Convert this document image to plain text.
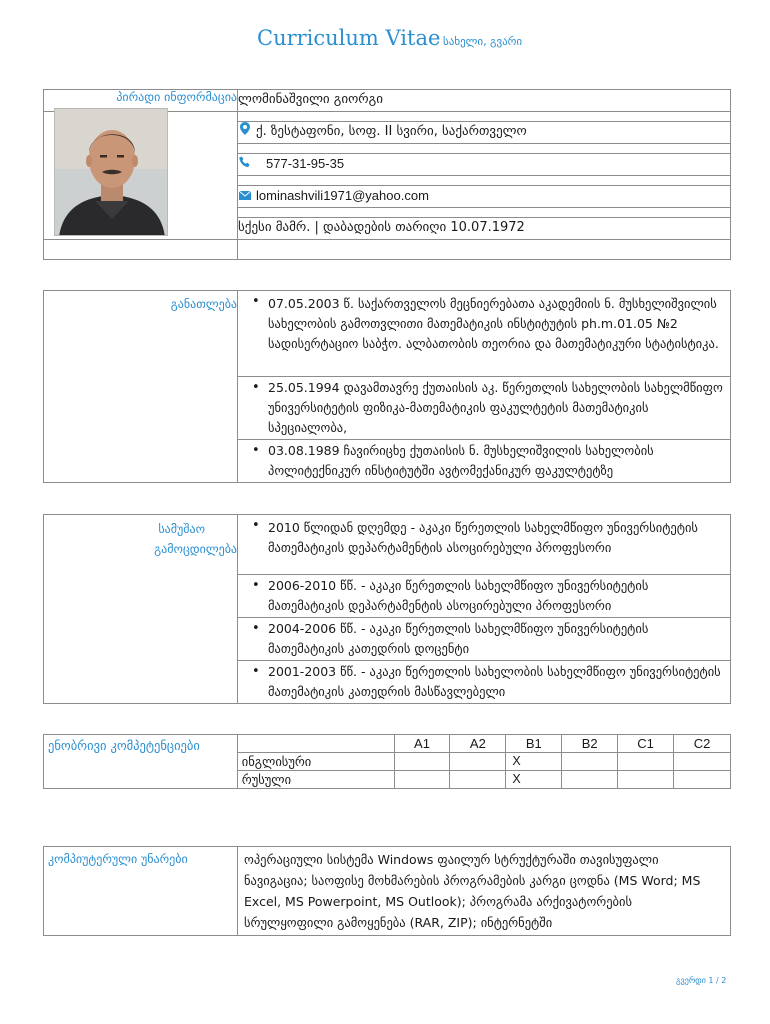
Curriculum Vitae სახელი, გვარი
პირადი ინფორმაცია	ლომინაშვილი გიორგი

	ქ. ზესტაფონი, სოფ. II სვირი, საქართველო

	577-31-95-35

	lominashvili1971@yahoo.com

	სქესი მამრ. | დაბადების თარიღი 10.07.1972

განათლება	•07.05.2003 წ. საქართველოს მეცნიერებათა აკადემიის ნ. მუსხელიშვილის სახელობის გამოთვლითი მათემატიკის ინსტიტუტის ph.m.01.05 №2 სადისერტაციო საბჭო. ალბათობის თეორია და მათემატიკური სტატისტიკა.
• 25.05.1994 დავამთავრე ქუთაისის აკ. წერეთლის სახელობის სახელმწიფო უნივერსიტეტის ფიზიკა-მათემატიკის ფაკულტეტის მათემატიკის სპეციალობა,
• 03.08.1989 ჩავირიცხე ქუთაისის ნ. მუსხელიშვილის სახელობის პოლიტექნიკურ ინსტიტუტში ავტომექანიკურ ფაკულტეტზე
სამუშაო
გამოცდილება	• 2010 წლიდან დღემდე - აკაკი წერეთლის სახელმწიფო უნივერსიტეტის მათემატიკის დეპარტამენტის ასოცირებული პროფესორი
• 2006-2010 წწ. - აკაკი წერეთლის სახელმწიფო უნივერსიტეტის მათემატიკის დეპარტამენტის ასოცირებული პროფესორი
• 2004-2006 წწ. - აკაკი წერეთლის სახელმწიფო უნივერსიტეტის მათემატიკის კათედრის დოცენტი
• 2001-2003 წწ. - აკაკი წერეთლის სახელობის სახელმწიფო უნივერსიტეტის მათემატიკის კათედრის მასწავლებელი
ენობრივი კომპეტენციები		A1	A2	B1	B2	C1	C2
	ინგლისური			X			
	რუსული			X			
კომპიუტერული უნარები	ოპერაციული სისტემა Windows ფაილურ სტრუქტურაში თავისუფალი ნავიგაცია; საოფისე მოხმარების პროგრამების კარგი ცოდნა (MS Word; MS Excel, MS Powerpoint, MS Outlook); პროგრამა არქივატორების სრულყოფილი გამოყენება (RAR, ZIP); ინტერნეტში
გვერდი 1 / 2
